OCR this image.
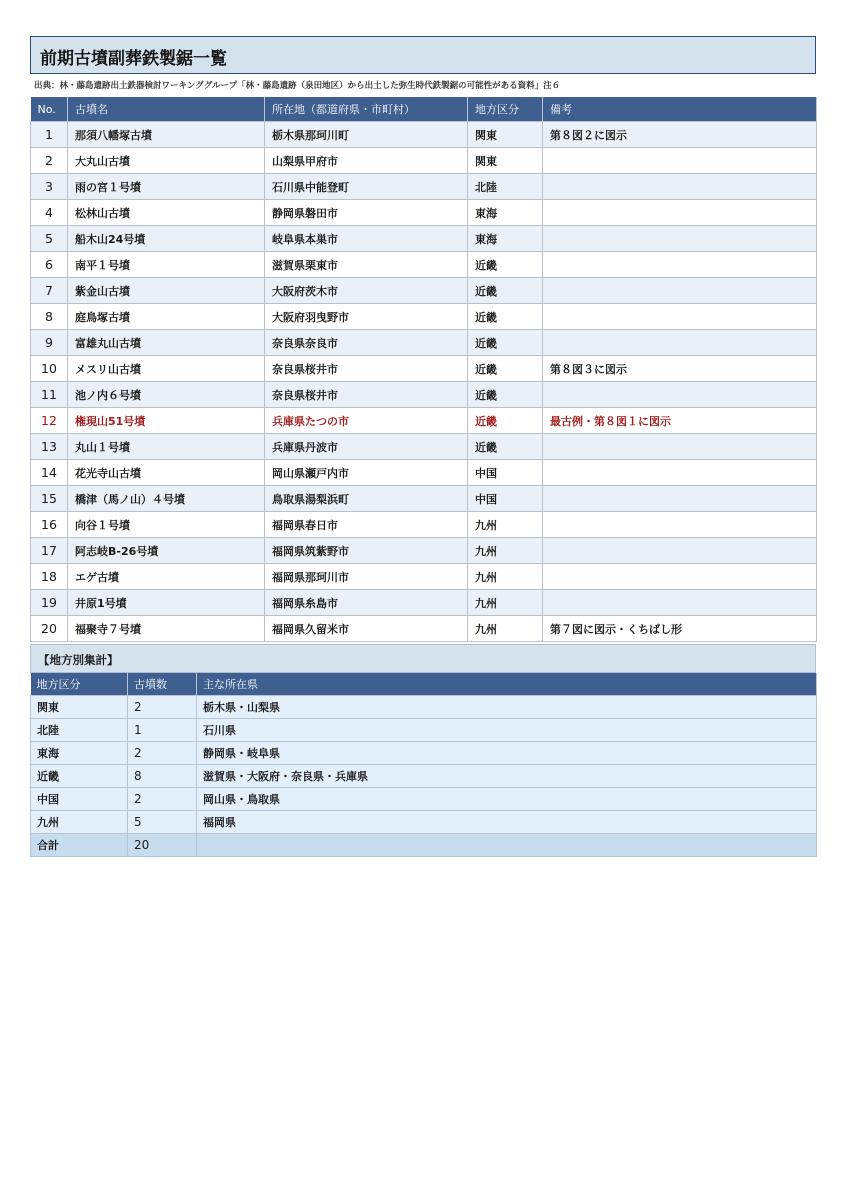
前期古墳副葬鉄製鋸一覧
出典：林・藤島遺跡出土鉄器検討ワーキンググループ「林・藤島遺跡（泉田地区）から出土した弥生時代鉄製鋸の可能性がある資料」注６
No.	古墳名	所在地（都道府県・市町村）	地方区分	備考
1	那須八幡塚古墳	栃木県那珂川町	関東	第８図２に図示
2	大丸山古墳	山梨県甲府市	関東	
3	雨の宮１号墳	石川県中能登町	北陸	
4	松林山古墳	静岡県磐田市	東海	
5	船木山24号墳	岐阜県本巣市	東海	
6	南平１号墳	滋賀県栗東市	近畿	
7	紫金山古墳	大阪府茨木市	近畿	
8	庭鳥塚古墳	大阪府羽曳野市	近畿	
9	富雄丸山古墳	奈良県奈良市	近畿	
10	メスリ山古墳	奈良県桜井市	近畿	第８図３に図示
11	池ノ内６号墳	奈良県桜井市	近畿	
12	権現山51号墳	兵庫県たつの市	近畿	最古例・第８図１に図示
13	丸山１号墳	兵庫県丹波市	近畿	
14	花光寺山古墳	岡山県瀬戸内市	中国	
15	橋津（馬ノ山）４号墳	鳥取県湯梨浜町	中国	
16	向谷１号墳	福岡県春日市	九州	
17	阿志岐B-26号墳	福岡県筑紫野市	九州	
18	エゲ古墳	福岡県那珂川市	九州	
19	井原1号墳	福岡県糸島市	九州	
20	福聚寺７号墳	福岡県久留米市	九州	第７図に図示・くちばし形
【地方別集計】
地方区分	古墳数	主な所在県
関東	2	栃木県・山梨県
北陸	1	石川県
東海	2	静岡県・岐阜県
近畿	8	滋賀県・大阪府・奈良県・兵庫県
中国	2	岡山県・鳥取県
九州	5	福岡県
合計	20	
